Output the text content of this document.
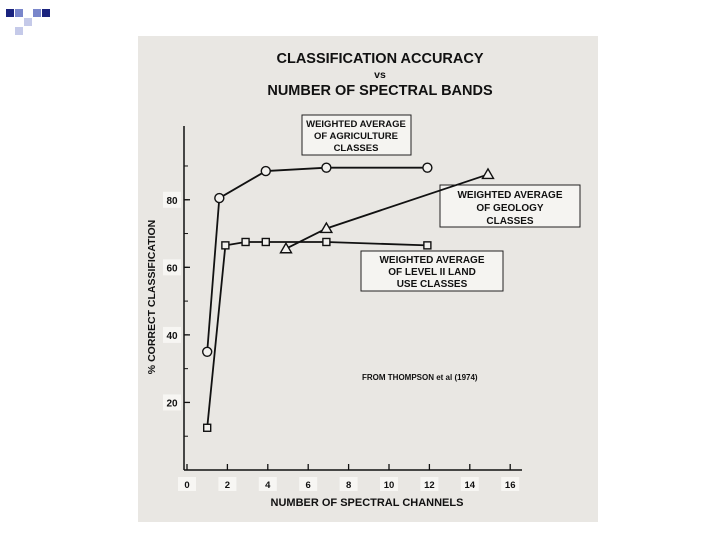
CLASSIFICATION ACCURACY
vs
NUMBER OF SPECTRAL BANDS
% CORRECT CLASSIFICATION
NUMBER OF SPECTRAL CHANNELS
FROM THOMPSON et al (1974)
WEIGHTED AVERAGE
OF AGRICULTURE
CLASSES
WEIGHTED AVERAGE
OF GEOLOGY
CLASSES
WEIGHTED AVERAGE
OF LEVEL II LAND
USE CLASSES
20
40
60
80
0	2	4	6	8	10	12	14	16
